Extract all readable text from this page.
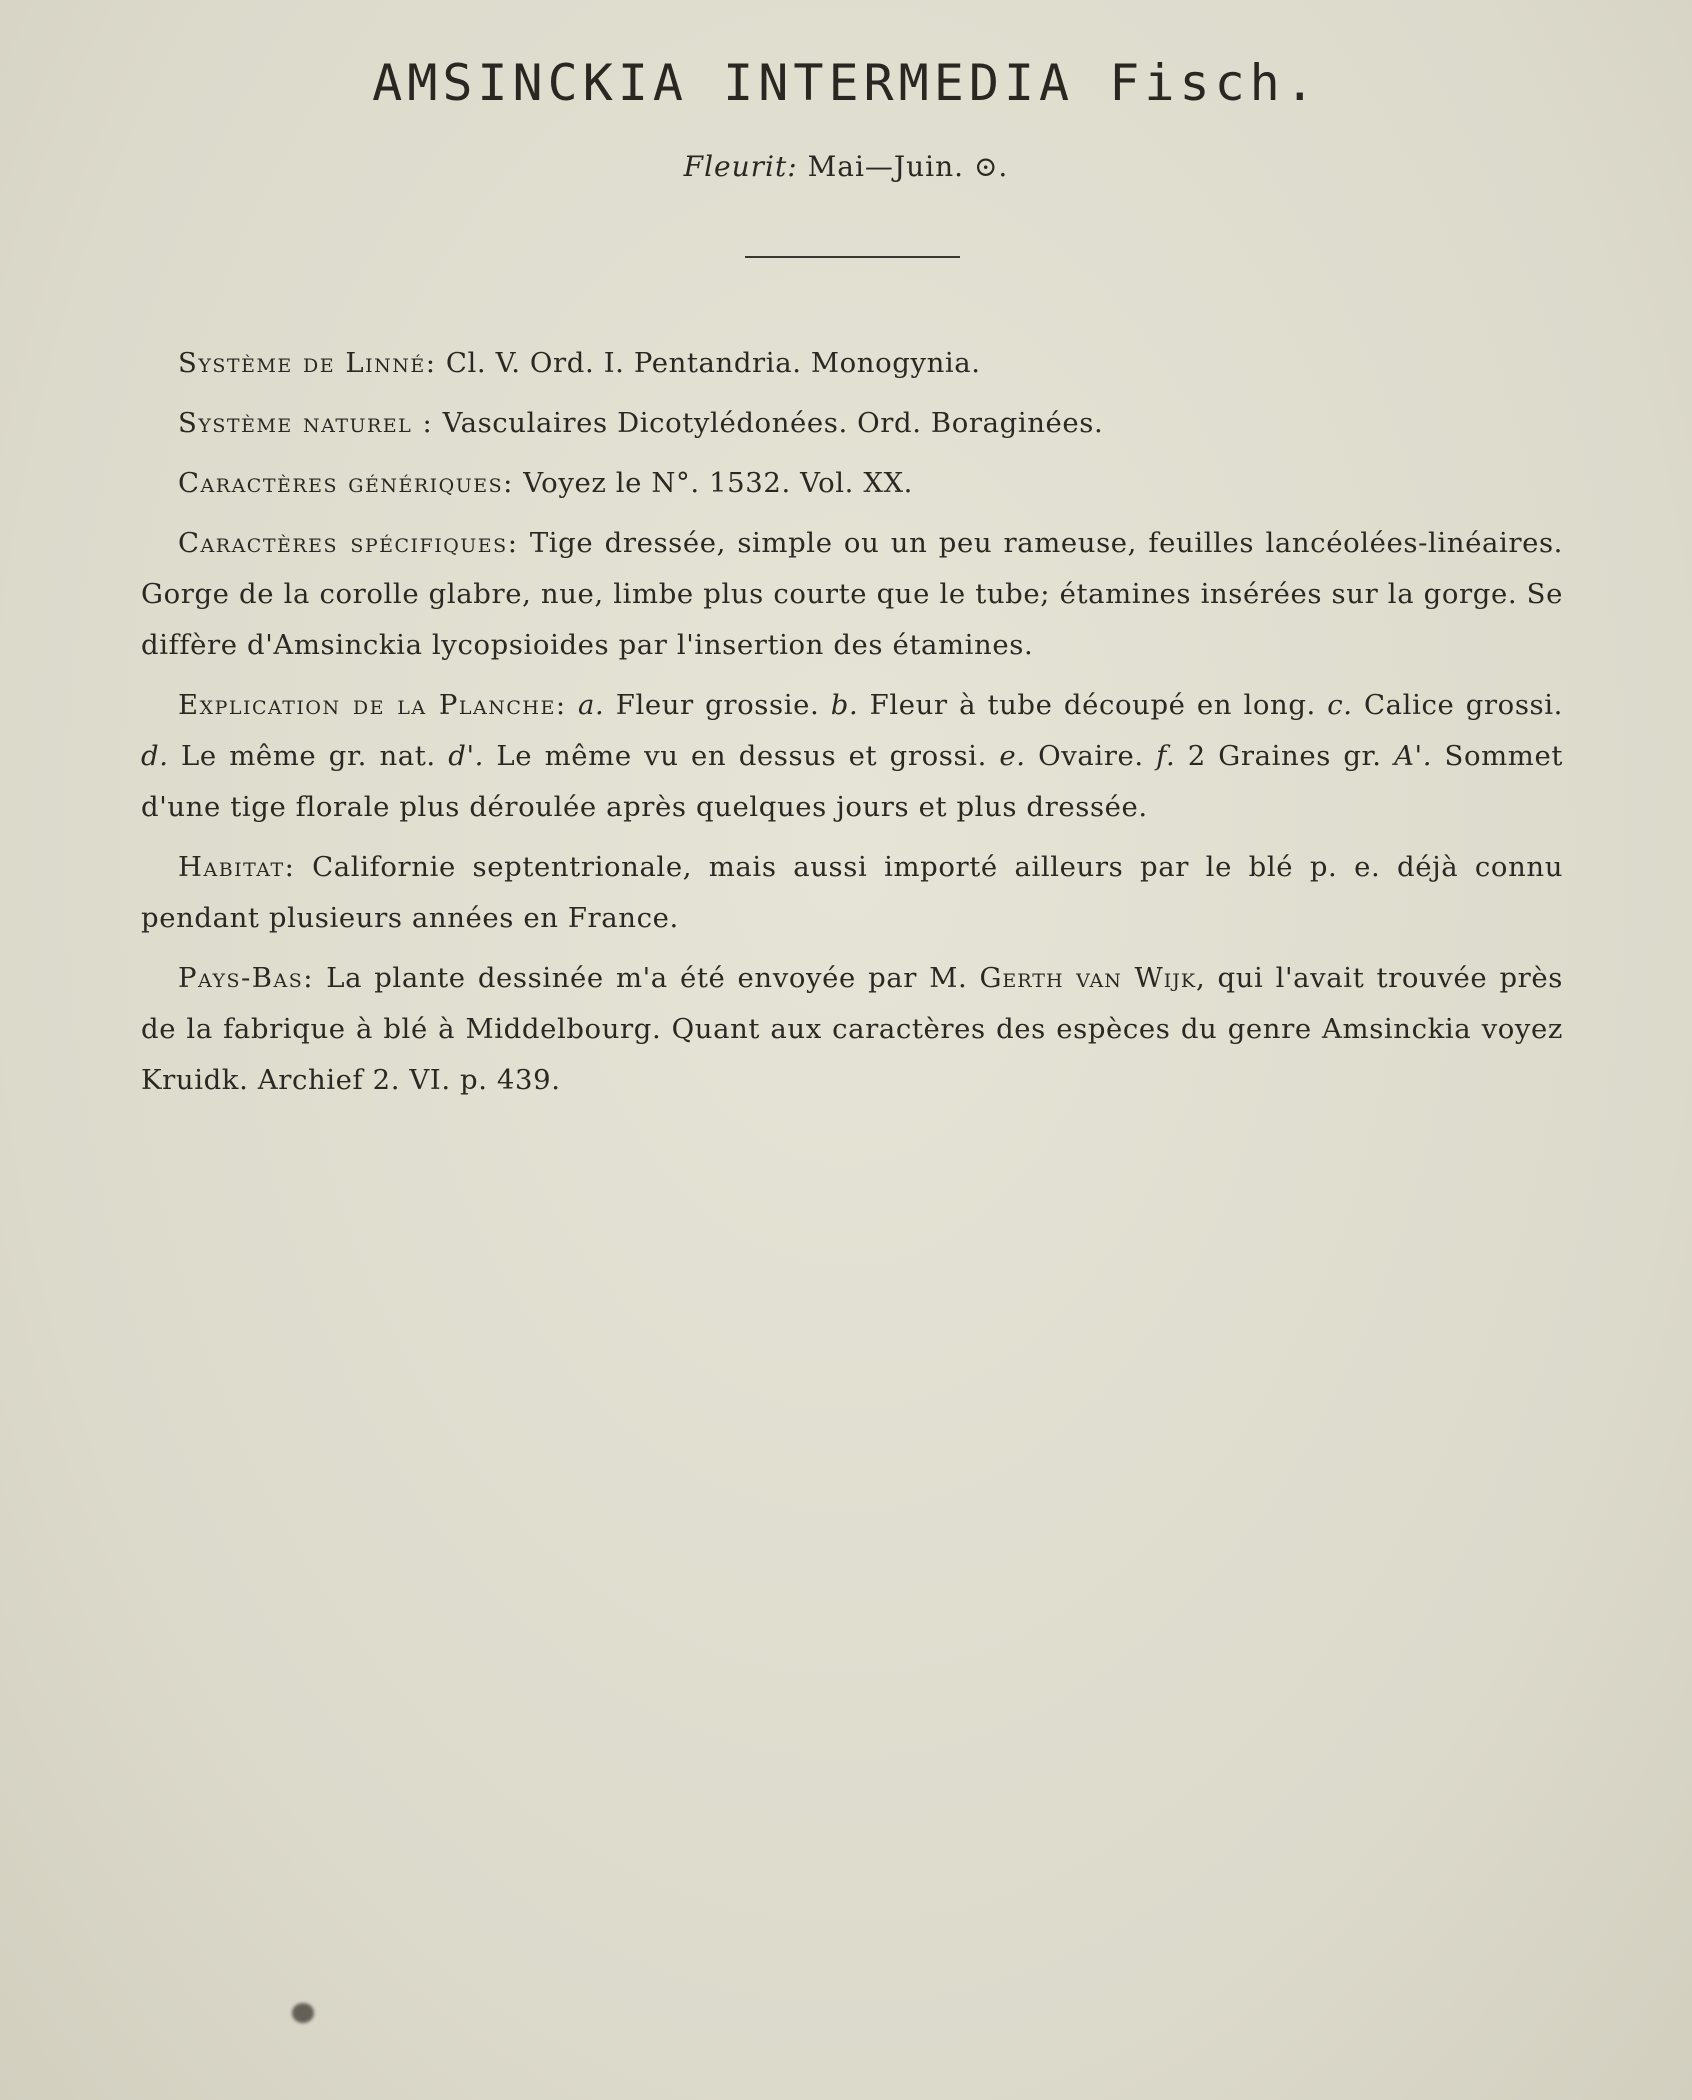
AMSINCKIA INTERMEDIA Fisch.
Fleurit: Mai—Juin. ⊙.

Système de Linné: Cl. V. Ord. I. Pentandria. Monogynia.

Système naturel : Vasculaires Dicotylédonées. Ord. Boraginées.

Caractères génériques: Voyez le N°. 1532. Vol. XX.

Caractères spécifiques: Tige dressée, simple ou un peu rameuse, feuilles lancéolées-linéaires. Gorge de la corolle glabre, nue, limbe plus courte que le tube; étamines insérées sur la gorge. Se diffère d'Amsinckia lycopsioides par l'insertion des étamines.

Explication de la Planche: a. Fleur grossie. b. Fleur à tube découpé en long. c. Calice grossi. d. Le même gr. nat. d'. Le même vu en dessus et grossi. e. Ovaire. f. 2 Graines gr. A'. Sommet d'une tige florale plus déroulée après quelques jours et plus dressée.

Habitat: Californie septentrionale, mais aussi importé ailleurs par le blé p. e. déjà connu pendant plusieurs années en France.

Pays-Bas: La plante dessinée m'a été envoyée par M. Gerth van Wijk, qui l'avait trouvée près de la fabrique à blé à Middelbourg. Quant aux caractères des espèces du genre Amsinckia voyez Kruidk. Archief 2. VI. p. 439.
